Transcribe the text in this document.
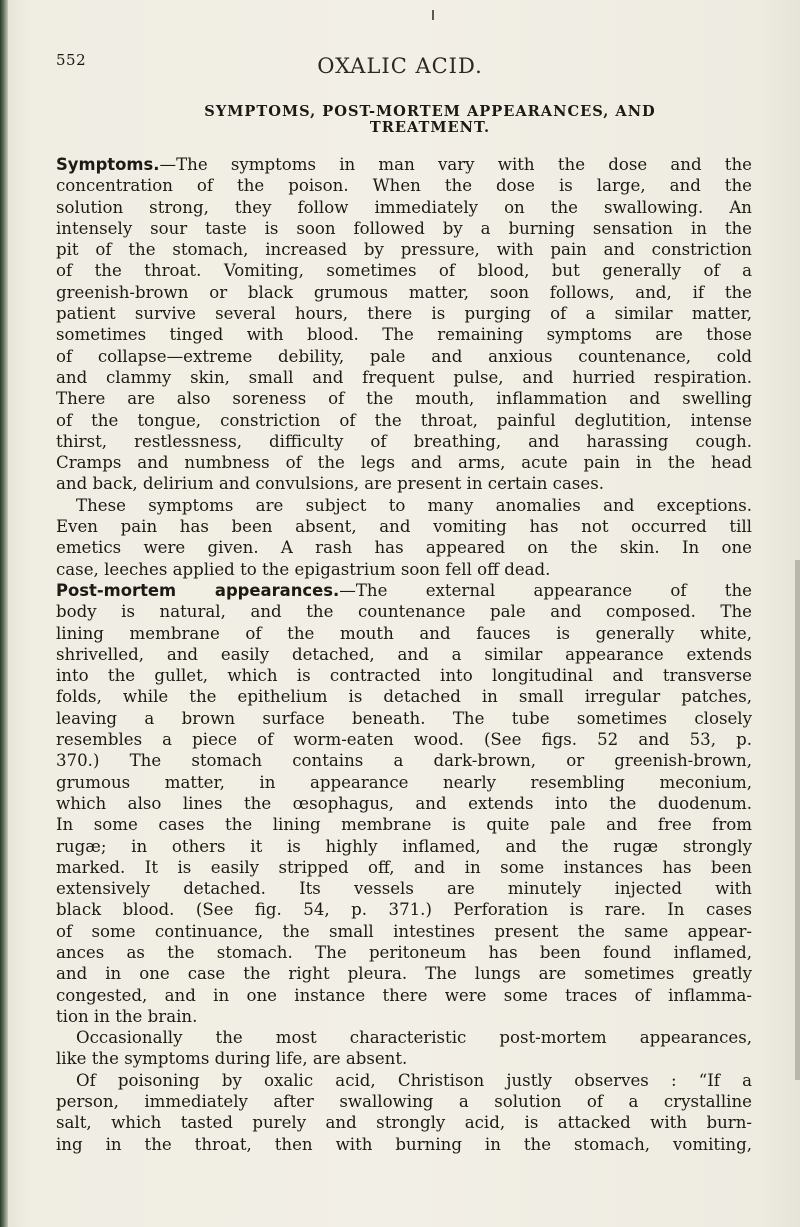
552	OXALIC ACID.
SYMPTOMS, POST-MORTEM APPEARANCES, AND
TREATMENT.
Symptoms.—The symptoms in man vary with the dose and the
concentration of the poison. When the dose is large, and the
solution strong, they follow immediately on the swallowing. An
intensely sour taste is soon followed by a burning sensation in the
pit of the stomach, increased by pressure, with pain and constriction
of the throat. Vomiting, sometimes of blood, but generally of a
greenish-brown or black grumous matter, soon follows, and, if the
patient survive several hours, there is purging of a similar matter,
sometimes tinged with blood. The remaining symptoms are those
of collapse—extreme debility, pale and anxious countenance, cold
and clammy skin, small and frequent pulse, and hurried respiration.
There are also soreness of the mouth, inflammation and swelling
of the tongue, constriction of the throat, painful deglutition, intense
thirst, restlessness, difficulty of breathing, and harassing cough.
Cramps and numbness of the legs and arms, acute pain in the head
and back, delirium and convulsions, are present in certain cases.
These symptoms are subject to many anomalies and exceptions.
Even pain has been absent, and vomiting has not occurred till
emetics were given. A rash has appeared on the skin. In one
case, leeches applied to the epigastrium soon fell off dead.
Post-mortem appearances.—The external appearance of the
body is natural, and the countenance pale and composed. The
lining membrane of the mouth and fauces is generally white,
shrivelled, and easily detached, and a similar appearance extends
into the gullet, which is contracted into longitudinal and transverse
folds, while the epithelium is detached in small irregular patches,
leaving a brown surface beneath. The tube sometimes closely
resembles a piece of worm-eaten wood. (See figs. 52 and 53, p.
370.) The stomach contains a dark-brown, or greenish-brown,
grumous matter, in appearance nearly resembling meconium,
which also lines the œsophagus, and extends into the duodenum.
In some cases the lining membrane is quite pale and free from
rugæ; in others it is highly inflamed, and the rugæ strongly
marked. It is easily stripped off, and in some instances has been
extensively detached. Its vessels are minutely injected with
black blood. (See fig. 54, p. 371.) Perforation is rare. In cases
of some continuance, the small intestines present the same appear-
ances as the stomach. The peritoneum has been found inflamed,
and in one case the right pleura. The lungs are sometimes greatly
congested, and in one instance there were some traces of inflamma-
tion in the brain.
Occasionally the most characteristic post-mortem appearances,
like the symptoms during life, are absent.
Of poisoning by oxalic acid, Christison justly observes : “If a
person, immediately after swallowing a solution of a crystalline
salt, which tasted purely and strongly acid, is attacked with burn-
ing in the throat, then with burning in the stomach, vomiting,
